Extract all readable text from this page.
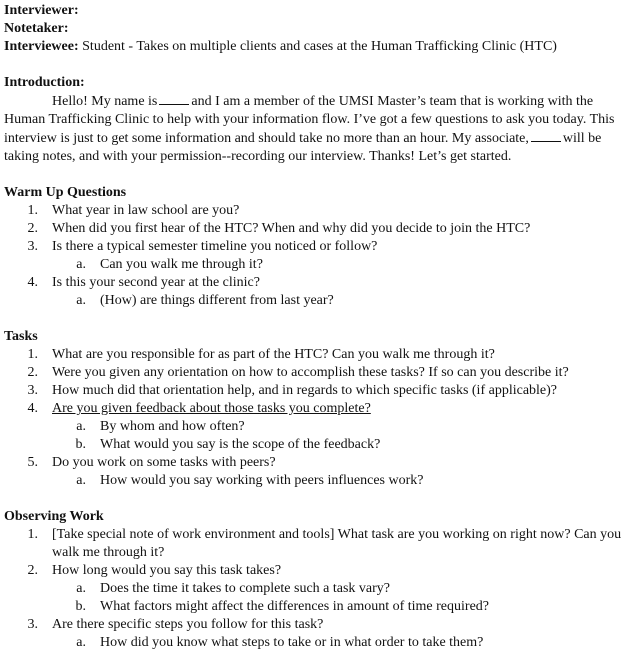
Interviewer:
Notetaker:
Interviewee: Student - Takes on multiple clients and cases at the Human Trafficking Clinic (HTC)
Introduction:

Hello! My name is and I am a member of the UMSI Master’s team that is working with the Human Trafficking Clinic to help with your information flow. I’ve got a few questions to ask you today. This interview is just to get some information and should take no more than an hour. My associate, will be taking notes, and with your permission--recording our interview. Thanks! Let’s get started.

Warm Up Questions
1. What year in law school are you?
2. When did you first hear of the HTC? When and why did you decide to join the HTC?
3. Is there a typical semester timeline you noticed or follow?
a. Can you walk me through it?
4. Is this your second year at the clinic?
a. (How) are things different from last year?
Tasks
1. What are you responsible for as part of the HTC? Can you walk me through it?
2. Were you given any orientation on how to accomplish these tasks? If so can you describe it?
3. How much did that orientation help, and in regards to which specific tasks (if applicable)?
4. Are you given feedback about those tasks you complete?
a. By whom and how often?
b. What would you say is the scope of the feedback?
5. Do you work on some tasks with peers?
a. How would you say working with peers influences work?
Observing Work
1. [Take special note of work environment and tools] What task are you working on right now? Can you walk me through it?
2. How long would you say this task takes?
a. Does the time it takes to complete such a task vary?
b. What factors might affect the differences in amount of time required?
3. Are there specific steps you follow for this task?
a. How did you know what steps to take or in what order to take them?
